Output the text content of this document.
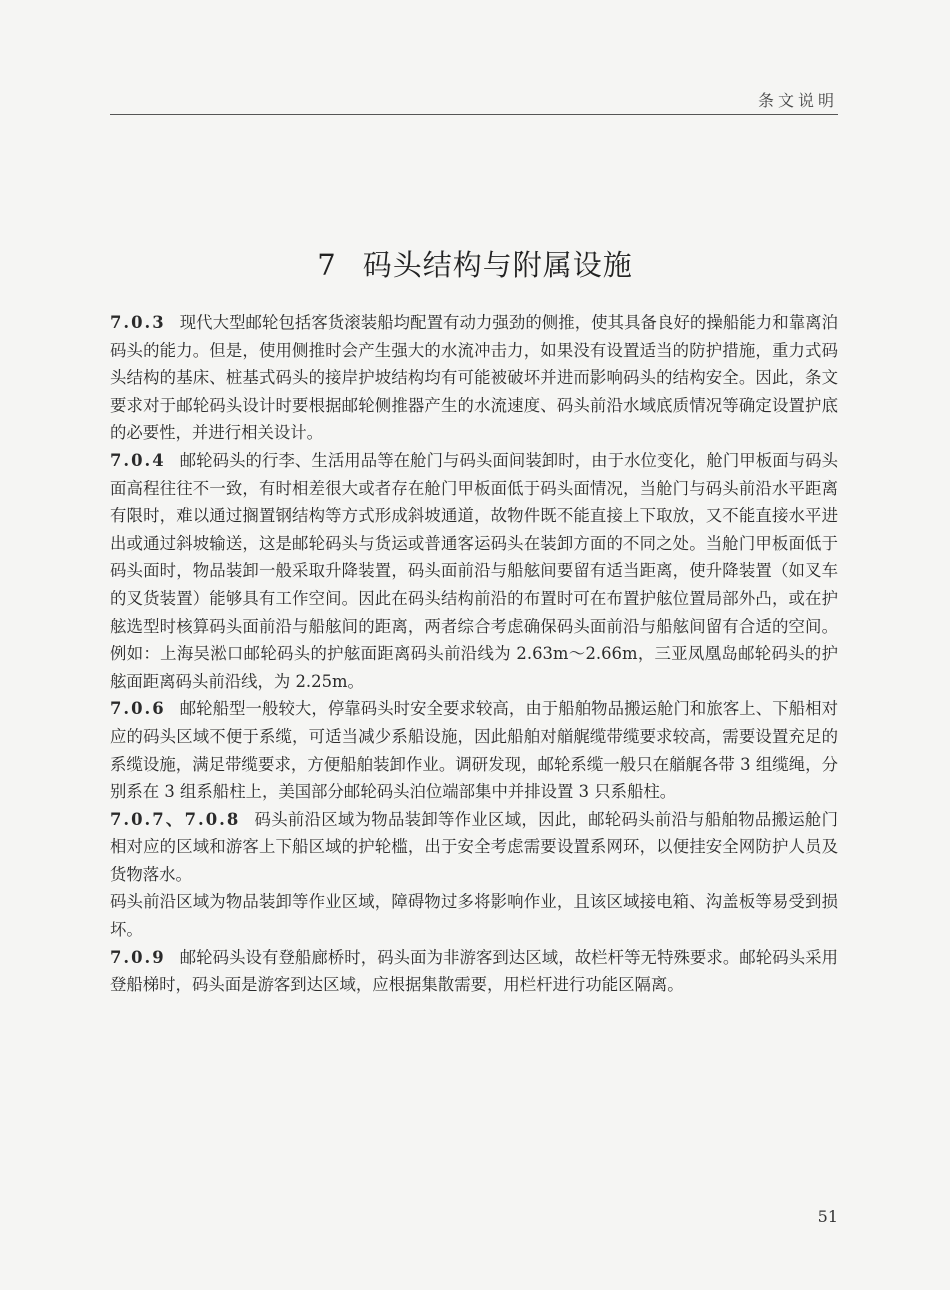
条文说明
7 码头结构与附属设施

7.0.3 现代大型邮轮包括客货滚装船均配置有动力强劲的侧推，使其具备良好的操船能力和靠离泊码头的能力。但是，使用侧推时会产生强大的水流冲击力，如果没有设置适当的防护措施，重力式码头结构的基床、桩基式码头的接岸护坡结构均有可能被破坏并进而影响码头的结构安全。因此，条文要求对于邮轮码头设计时要根据邮轮侧推器产生的水流速度、码头前沿水域底质情况等确定设置护底的必要性，并进行相关设计。

7.0.4 邮轮码头的行李、生活用品等在舱门与码头面间装卸时，由于水位变化，舱门甲板面与码头面高程往往不一致，有时相差很大或者存在舱门甲板面低于码头面情况，当舱门与码头前沿水平距离有限时，难以通过搁置钢结构等方式形成斜坡通道，故物件既不能直接上下取放，又不能直接水平进出或通过斜坡输送，这是邮轮码头与货运或普通客运码头在装卸方面的不同之处。当舱门甲板面低于码头面时，物品装卸一般采取升降装置，码头面前沿与船舷间要留有适当距离，使升降装置（如叉车的叉货装置）能够具有工作空间。因此在码头结构前沿的布置时可在布置护舷位置局部外凸，或在护舷选型时核算码头面前沿与船舷间的距离，两者综合考虑确保码头面前沿与船舷间留有合适的空间。例如：上海吴淞口邮轮码头的护舷面距离码头前沿线为 2.63m～2.66m，三亚凤凰岛邮轮码头的护舷面距离码头前沿线，为 2.25m。

7.0.6 邮轮船型一般较大，停靠码头时安全要求较高，由于船舶物品搬运舱门和旅客上、下船相对应的码头区域不便于系缆，可适当减少系船设施，因此船舶对艏艉缆带缆要求较高，需要设置充足的系缆设施，满足带缆要求，方便船舶装卸作业。调研发现，邮轮系缆一般只在艏艉各带 3 组缆绳，分别系在 3 组系船柱上，美国部分邮轮码头泊位端部集中并排设置 3 只系船柱。

7.0.7、7.0.8 码头前沿区域为物品装卸等作业区域，因此，邮轮码头前沿与船舶物品搬运舱门相对应的区域和游客上下船区域的护轮槛，出于安全考虑需要设置系网环，以便挂安全网防护人员及货物落水。

码头前沿区域为物品装卸等作业区域，障碍物过多将影响作业，且该区域接电箱、沟盖板等易受到损坏。

7.0.9 邮轮码头设有登船廊桥时，码头面为非游客到达区域，故栏杆等无特殊要求。邮轮码头采用登船梯时，码头面是游客到达区域，应根据集散需要，用栏杆进行功能区隔离。

51
